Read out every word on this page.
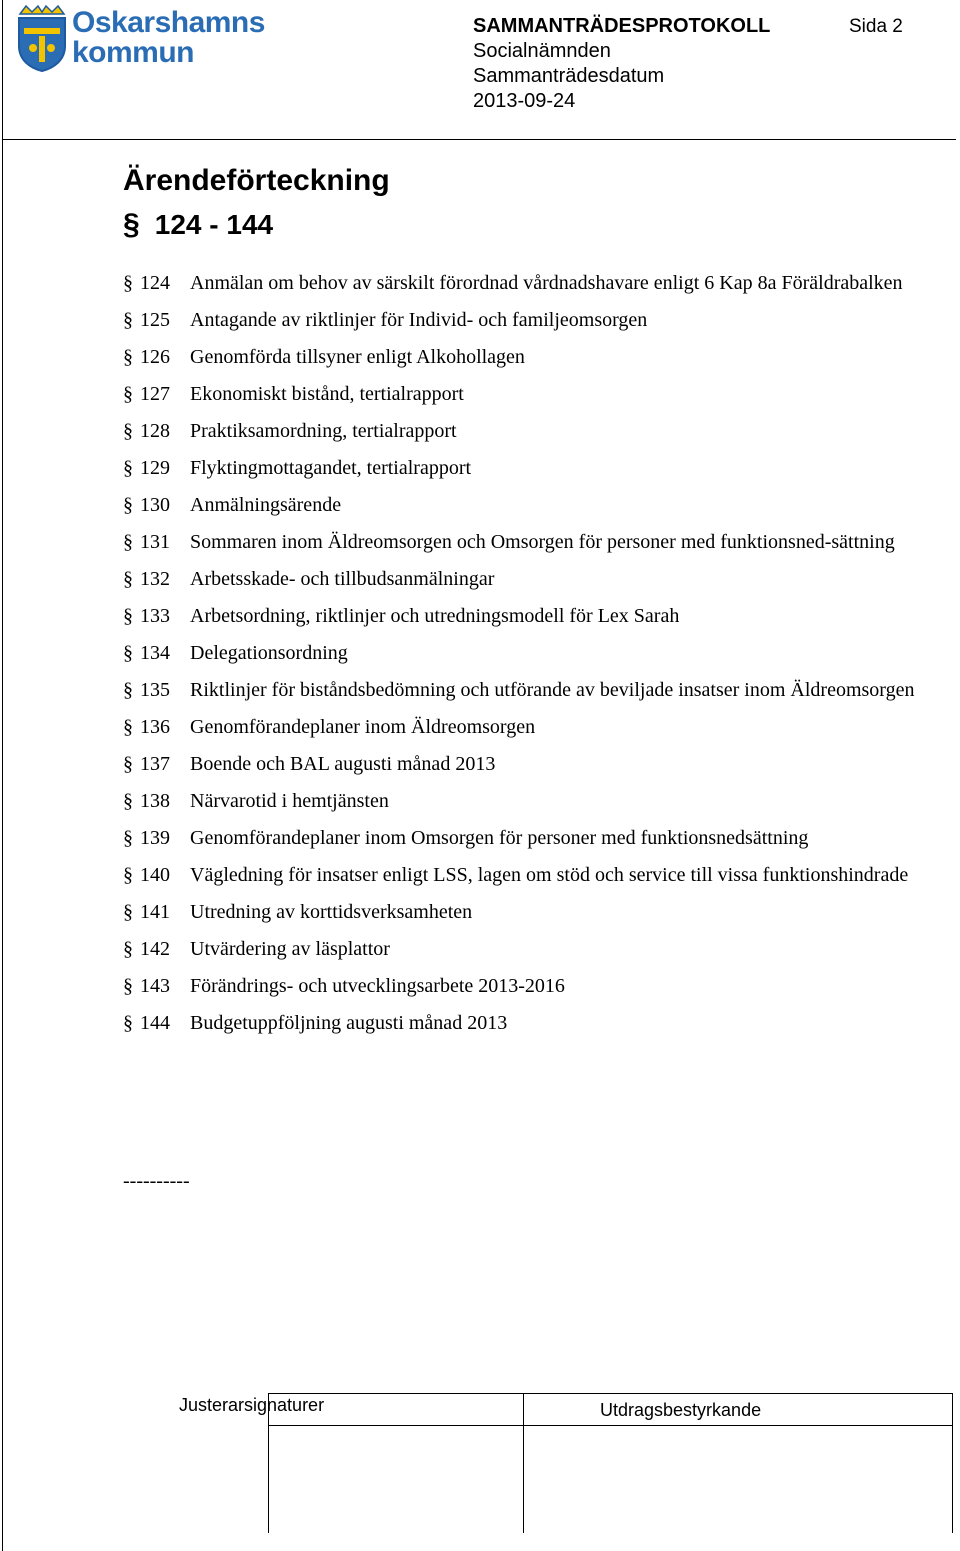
Oskarshamns
kommun
SAMMANTRÄDESPROTOKOLL
Socialnämnden
Sammanträdesdatum
2013-09-24
Sida 2
Ärendeförteckning
§ 124 - 144
§ 124	Anmälan om behov av särskilt förordnad vårdnadshavare enligt 6 Kap 8a Föräldrabalken
§ 125	Antagande av riktlinjer för Individ- och familjeomsorgen
§ 126	Genomförda tillsyner enligt Alkohollagen
§ 127	Ekonomiskt bistånd, tertialrapport
§ 128	Praktiksamordning, tertialrapport
§ 129	Flyktingmottagandet, tertialrapport
§ 130	Anmälningsärende
§ 131	Sommaren inom Äldreomsorgen och Omsorgen för personer med funktionsned-sättning
§ 132	Arbetsskade- och tillbudsanmälningar
§ 133	Arbetsordning, riktlinjer och utredningsmodell för Lex Sarah
§ 134	Delegationsordning
§ 135	Riktlinjer för biståndsbedömning och utförande av beviljade insatser inom Äldreomsorgen
§ 136	Genomförandeplaner inom Äldreomsorgen
§ 137	Boende och BAL augusti månad 2013
§ 138	Närvarotid i hemtjänsten
§ 139	Genomförandeplaner inom Omsorgen för personer med funktionsnedsättning
§ 140	Vägledning för insatser enligt LSS, lagen om stöd och service till vissa funktionshindrade
§ 141	Utredning av korttidsverksamheten
§ 142	Utvärdering av läsplattor
§ 143	Förändrings- och utvecklingsarbete 2013-2016
§ 144	Budgetuppföljning augusti månad 2013
----------
Justerarsignaturer	Utdragsbestyrkande
